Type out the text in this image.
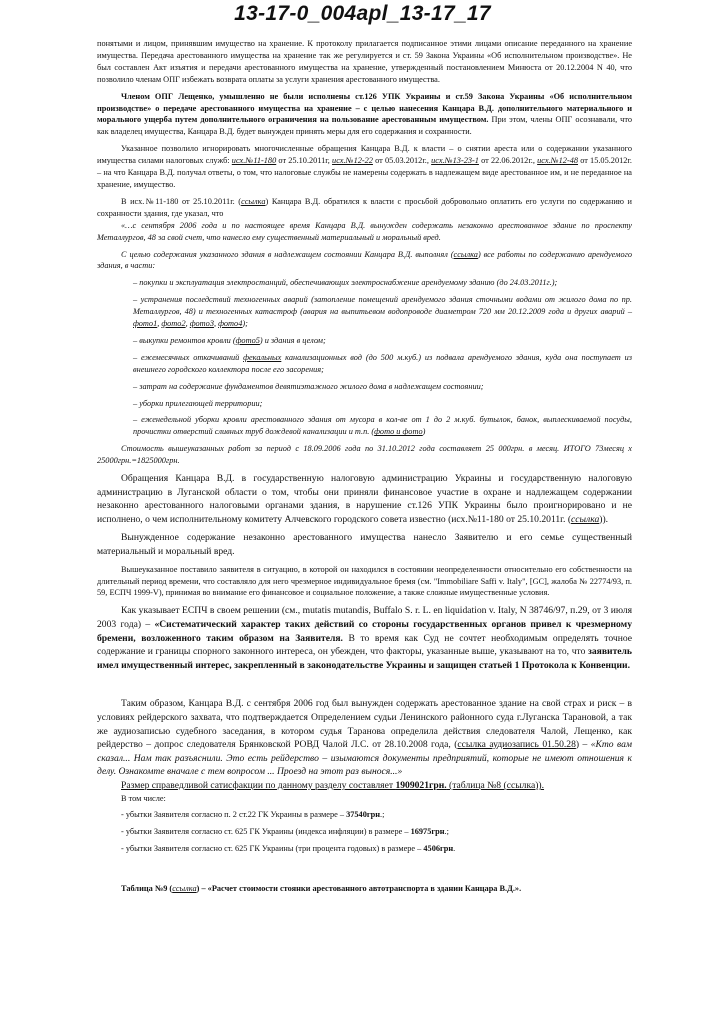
13-17-0_004apl_13-17_17

понятыми и лицом, принявшим имущество на хранение. К протоколу прилагается подписанное этими лицами описание переданного на хранение имущества. Передача арестованного имущества на хранение так же регулируется и ст. 59 Закона Украины «Об исполнительном производстве». Не был составлен Акт изъятия и передачи арестованного имущества на хранение, утвержденный постановлением Минюста от 20.12.2004 N 40, что позволило членам ОПГ избежать возврата оплаты за услуги хранения арестованного имущества.

Членом ОПГ Лещенко, умышленно не были исполнены ст.126 УПК Украины и ст.59 Закона Украины «Об исполнительном производстве» о передаче арестованного имущества на хранение – с целью нанесения Канцара В.Д. дополнительного материального и морального ущерба путем дополнительного ограничения на пользование арестованным имуществом. При этом, члены ОПГ осознавали, что как владелец имущества, Канцара В.Д. будет вынужден принять меры для его содержания и сохранности.

Указанное позволило игнорировать многочисленные обращения Канцара В.Д. к власти – о снятии ареста или о содержании указанного имущества силами налоговых служб: исх.№11-180 от 25.10.2011г, исх.№12-22 от 05.03.2012г., исх.№13-23-1 от 22.06.2012г., исх.№12-48 от 15.05.2012г. – на что Канцара В.Д. получал ответы, о том, что налоговые службы не намерены содержать в надлежащем виде арестованное им, и не переданное на хранение, имущество.

В исх.№11-180 от 25.10.2011г. (ссылка) Канцара В.Д. обратился к власти с просьбой добровольно оплатить его услуги по содержанию и сохранности здания, где указал, что

«…с сентября 2006 года и по настоящее время Канцара В.Д. вынужден содержать незаконно арестованное здание по проспекту Металлургов, 48 за свой счет, что нанесло ему существенный материальный и моральный вред.

С целью содержания указанного здания в надлежащем состоянии Канцара В.Д. выполнял (ссылка) все работы по содержанию арендуемого здания, в части:

– покупки и эксплуатация электростанций, обеспечивающих электроснабжение арендуемому зданию (до 24.03.2011г.);

– устранения последствий техногенных аварий (затопление помещений арендуемого здания сточными водами от жилого дома по пр. Металлургов, 48) и техногенных катастроф (авария на выпитьевом водопроводе диаметром 720 мм 20.12.2009 года и других аварий – фото1, фото2, фото3, фото4);

– выкупки ремонтов кровли (фото5) и здания в целом;

– ежемесячных откачиваний фекальных канализационных вод (до 500 м.куб.) из подвала арендуемого здания, куда она поступает из внешнего городского коллектора после его засорения;

– затрат на содержание фундаментов девятиэтажного жилого дома в надлежащем состоянии;

– уборки прилегающей территории;

– еженедельной уборки кровли арестованного здания от мусора в кол-ве от 1 до 2 м.куб. бутылок, банок, выплескиваемой посуды, прочистки отверстий сливных труб дождевой канализации и т.п. (фото и фото)

Стоимость вышеуказанных работ за период с 18.09.2006 года по 31.10.2012 года составляет 25 000грн. в месяц. ИТОГО 73месяц х 25000грн.=1825000грн.

Обращения Канцара В.Д. в государственную налоговую администрацию Украины и государственную налоговую администрацию в Луганской области о том, чтобы они приняли финансовое участие в охране и надлежащем содержании незаконно арестованного налоговыми органами здания, в нарушение ст.126 УПК Украины было проигнорировано и не исполнено, о чем исполнительному комитету Алчевского городского совета известно (исх.№11-180 от 25.10.2011г. (ссылка)).

Вынужденное содержание незаконно арестованного имущества нанесло Заявителю и его семье существенный материальный и моральный вред.

Вышеуказанное поставило заявителя в ситуацию, в которой он находился в состоянии неопределенности относительно его собственности на длительный период времени, что составляло для него чрезмерное индивидуальное бремя (см. "Immobiliare Saffi v. Italy", [GC], жалоба № 22774/93, п. 59, ЕСПЧ 1999-V), принимая во внимание его финансовое и социальное положение, а также сложные имущественные условия.

Как указывает ЕСПЧ в своем решении (см., mutatis mutandis, Buffalo S. r. L. en liquidation v. Italy, N 38746/97, п.29, от 3 июля 2003 года) – «Систематический характер таких действий со стороны государственных органов привел к чрезмерному бремени, возложенного таким образом на Заявителя. В то время как Суд не сочтет необходимым определять точное содержание и границы спорного законного интереса, он убежден, что факторы, указанные выше, указывают на то, что заявитель имел имущественный интерес, закрепленный в законодательстве Украины и защищен статьей 1 Протокола к Конвенции.

Таким образом, Канцара В.Д. с сентября 2006 год был вынужден содержать арестованное здание на свой страх и риск – в условиях рейдерского захвата, что подтверждается Определением судьи Ленинского районного суда г.Луганска Тарановой, а так же аудиозаписью судебного заседания, в котором судья Таранова определила действия следователя Чалой, Лещенко, как рейдерство – допрос следователя Брянковской РОВД Чалой Л.С. от 28.10.2008 года, (ссылка аудиозапись 01.50.28) – «Кто вам сказал... Нам так разъяснили. Это есть рейдерство – изымаются документы предприятий, которые не имеют отношения к делу. Ознакомте вначале с тем вопросом ... Проезд на этот раз вынося...»

Размер справедливой сатисфакции по данному разделу составляет 1909021грн. (таблица №8 (ссылка)).

В том числе:

- убытки Заявителя согласно п. 2 ст.22 ГК Украины в размере – 37540грн.;

- убытки Заявителя согласно ст. 625 ГК Украины (индекса инфляции) в размере – 16975грн.;

- убытки Заявителя согласно ст. 625 ГК Украины (три процента годовых) в размере – 4506грн.

Таблица №9 (ссылка) – «Расчет стоимости стоянки арестованного автотранспорта в здании Канцара В.Д.».
